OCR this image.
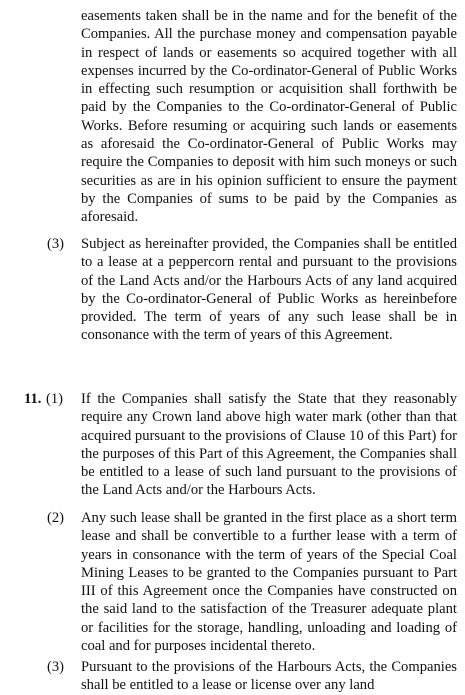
easements taken shall be in the name and for the benefit of the Companies. All the purchase money and compensation payable in respect of lands or easements so acquired together with all expenses incurred by the Co-ordinator-General of Public Works in effecting such resumption or acquisition shall forthwith be paid by the Companies to the Co-ordinator-General of Public Works. Before resuming or acquiring such lands or easements as aforesaid the Co-ordinator-General of Public Works may require the Companies to deposit with him such moneys or such securities as are in his opinion sufficient to ensure the payment by the Companies of sums to be paid by the Companies as aforesaid.

(3) Subject as hereinafter provided, the Companies shall be entitled to a lease at a peppercorn rental and pursuant to the provisions of the Land Acts and/or the Harbours Acts of any land acquired by the Co-ordinator-General of Public Works as hereinbefore provided. The term of years of any such lease shall be in consonance with the term of years of this Agreement.

11. (1) If the Companies shall satisfy the State that they reasonably require any Crown land above high water mark (other than that acquired pursuant to the provisions of Clause 10 of this Part) for the purposes of this Part of this Agreement, the Companies shall be entitled to a lease of such land pursuant to the provisions of the Land Acts and/or the Harbours Acts.

(2) Any such lease shall be granted in the first place as a short term lease and shall be convertible to a further lease with a term of years in consonance with the term of years of the Special Coal Mining Leases to be granted to the Companies pursuant to Part III of this Agreement once the Companies have constructed on the said land to the satisfaction of the Treasurer adequate plant or facilities for the storage, handling, unloading and loading of coal and for purposes incidental thereto.

(3) Pursuant to the provisions of the Harbours Acts, the Companies shall be entitled to a lease or license over any land
